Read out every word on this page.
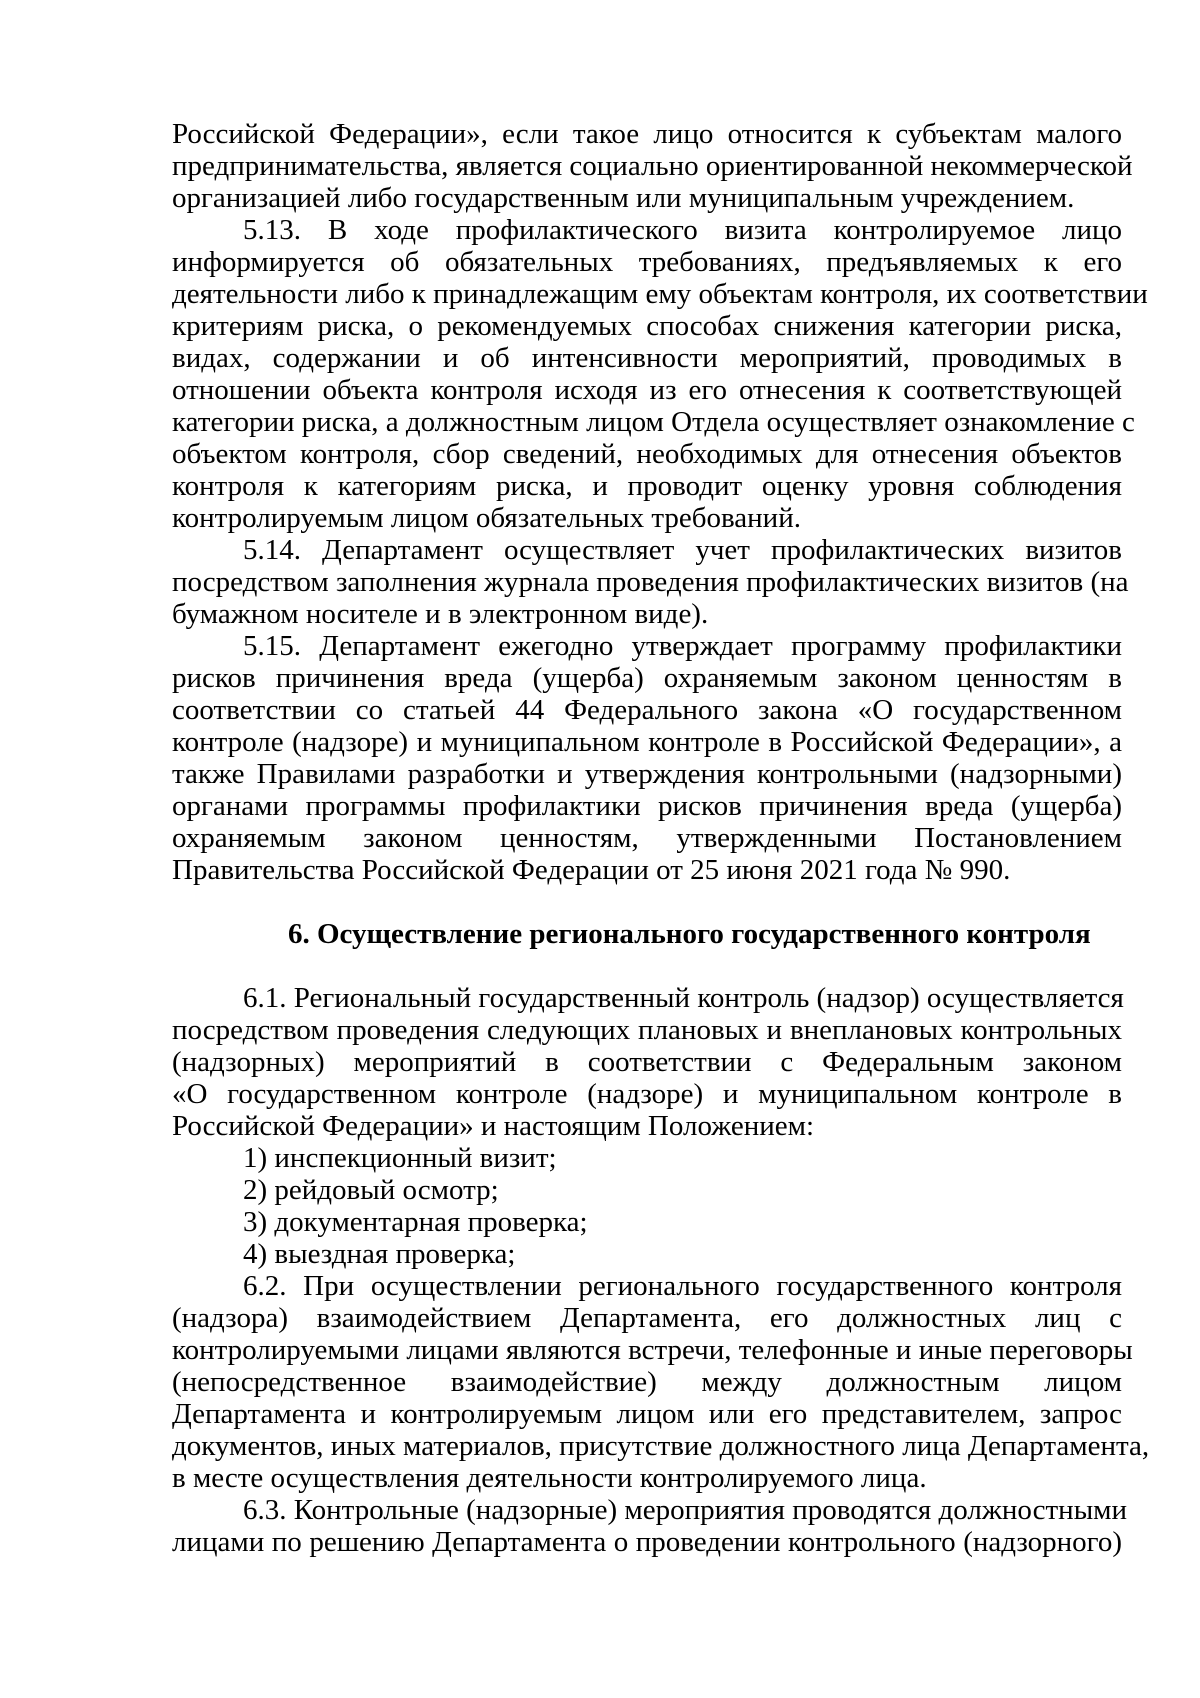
Российской Федерации», если такое лицо относится к субъектам малого
предпринимательства, является социально ориентированной некоммерческой
организацией либо государственным или муниципальным учреждением.
5.13. В ходе профилактического визита контролируемое лицо
информируется об обязательных требованиях, предъявляемых к его
деятельности либо к принадлежащим ему объектам контроля, их соответствии
критериям риска, о рекомендуемых способах снижения категории риска,
видах, содержании и об интенсивности мероприятий, проводимых в
отношении объекта контроля исходя из его отнесения к соответствующей
категории риска, а должностным лицом Отдела осуществляет ознакомление с
объектом контроля, сбор сведений, необходимых для отнесения объектов
контроля к категориям риска, и проводит оценку уровня соблюдения
контролируемым лицом обязательных требований.
5.14. Департамент осуществляет учет профилактических визитов
посредством заполнения журнала проведения профилактических визитов (на
бумажном носителе и в электронном виде).
5.15. Департамент ежегодно утверждает программу профилактики
рисков причинения вреда (ущерба) охраняемым законом ценностям в
соответствии со статьей 44 Федерального закона «О государственном
контроле (надзоре) и муниципальном контроле в Российской Федерации», а
также Правилами разработки и утверждения контрольными (надзорными)
органами программы профилактики рисков причинения вреда (ущерба)
охраняемым законом ценностям, утвержденными Постановлением
Правительства Российской Федерации от 25 июня 2021 года № 990.
6. Осуществление регионального государственного контроля
6.1. Региональный государственный контроль (надзор) осуществляется
посредством проведения следующих плановых и внеплановых контрольных
(надзорных) мероприятий в соответствии с Федеральным законом
«О государственном контроле (надзоре) и муниципальном контроле в
Российской Федерации» и настоящим Положением:
1) инспекционный визит;
2) рейдовый осмотр;
3) документарная проверка;
4) выездная проверка;
6.2. При осуществлении регионального государственного контроля
(надзора) взаимодействием Департамента, его должностных лиц с
контролируемыми лицами являются встречи, телефонные и иные переговоры
(непосредственное взаимодействие) между должностным лицом
Департамента и контролируемым лицом или его представителем, запрос
документов, иных материалов, присутствие должностного лица Департамента,
в месте осуществления деятельности контролируемого лица.
6.3. Контрольные (надзорные) мероприятия проводятся должностными
лицами по решению Департамента о проведении контрольного (надзорного)
